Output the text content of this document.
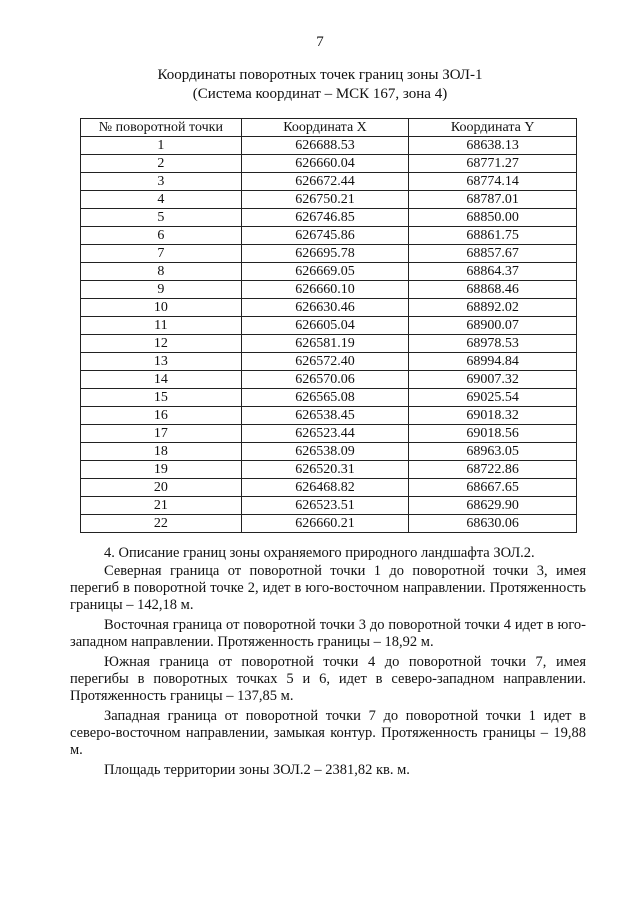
7
Координаты поворотных точек границ зоны ЗОЛ-1
(Система координат – МСК 167, зона 4)
№ поворотной точки	Координата X	Координата Y
1	626688.53	68638.13
2	626660.04	68771.27
3	626672.44	68774.14
4	626750.21	68787.01
5	626746.85	68850.00
6	626745.86	68861.75
7	626695.78	68857.67
8	626669.05	68864.37
9	626660.10	68868.46
10	626630.46	68892.02
11	626605.04	68900.07
12	626581.19	68978.53
13	626572.40	68994.84
14	626570.06	69007.32
15	626565.08	69025.54
16	626538.45	69018.32
17	626523.44	69018.56
18	626538.09	68963.05
19	626520.31	68722.86
20	626468.82	68667.65
21	626523.51	68629.90
22	626660.21	68630.06

4. Описание границ зоны охраняемого природного ландшафта ЗОЛ.2.

Северная граница от поворотной точки 1 до поворотной точки 3, имея перегиб в поворотной точке 2, идет в юго-восточном направлении. Протяженность границы – 142,18 м.

Восточная граница от поворотной точки 3 до поворотной точки 4 идет в юго-западном направлении. Протяженность границы – 18,92 м.

Южная граница от поворотной точки 4 до поворотной точки 7, имея перегибы в поворотных точках 5 и 6, идет в северо-западном направлении. Протяженность границы – 137,85 м.

Западная граница от поворотной точки 7 до поворотной точки 1 идет в северо-восточном направлении, замыкая контур. Протяженность границы – 19,88 м.

Площадь территории зоны ЗОЛ.2 – 2381,82 кв. м.
